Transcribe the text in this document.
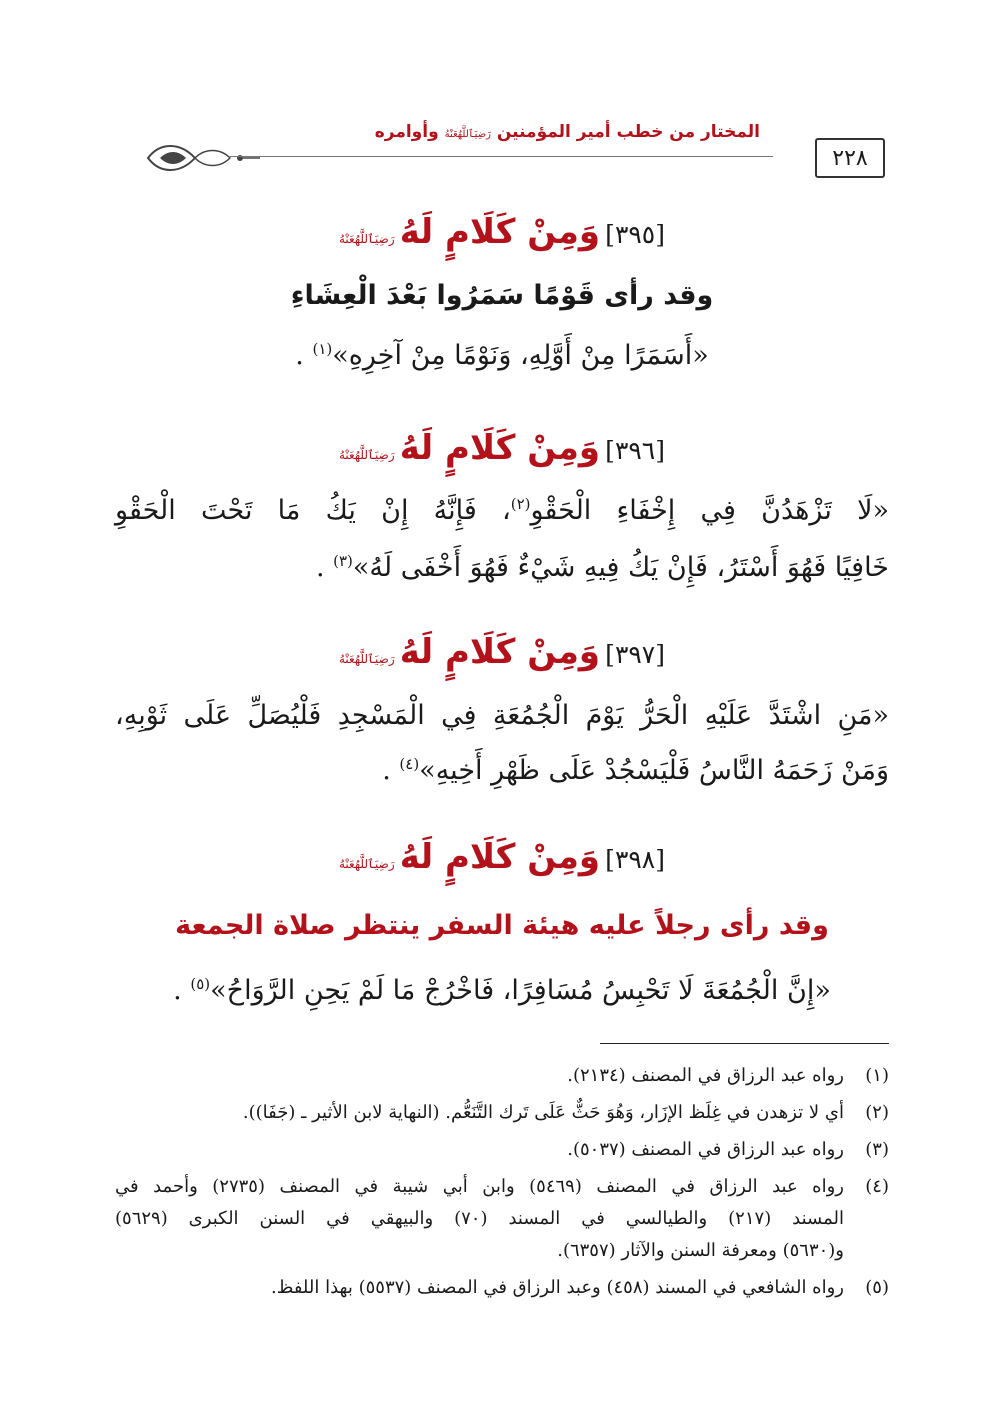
المختار من خطب أمير المؤمنين رَضِيَٱللَّهُعَنْهُ وأوامره
٢٢٨
[٣٩٥] وَمِنْ كَلَامٍ لَهُ رَضِيَٱللَّهُعَنْهُ
وقد رأى قَوْمًا سَمَرُوا بَعْدَ الْعِشَاءِ
«أَسَمَرًا مِنْ أَوَّلِهِ، وَنَوْمًا مِنْ آخِرِهِ»$^{(١)}$ .
[٣٩٦] وَمِنْ كَلَامٍ لَهُ رَضِيَٱللَّهُعَنْهُ
«لَا تَزْهَدُنَّ فِي إِخْفَاءِ الْحَقْوِ$^{(٢)}$، فَإِنَّهُ إِنْ يَكُ مَا تَحْتَ الْحَقْوِ
خَافِيًا فَهُوَ أَسْتَرُ، فَإِنْ يَكُ فِيهِ شَيْءٌ فَهُوَ أَخْفَى لَهُ»$^{(٣)}$ .
[٣٩٧] وَمِنْ كَلَامٍ لَهُ رَضِيَٱللَّهُعَنْهُ
«مَنِ اشْتَدَّ عَلَيْهِ الْحَرُّ يَوْمَ الْجُمُعَةِ فِي الْمَسْجِدِ فَلْيُصَلِّ عَلَى ثَوْبِهِ،
وَمَنْ زَحَمَهُ النَّاسُ فَلْيَسْجُدْ عَلَى ظَهْرِ أَخِيهِ»$^{(٤)}$ .
[٣٩٨] وَمِنْ كَلَامٍ لَهُ رَضِيَٱللَّهُعَنْهُ
وقد رأى رجلاً عليه هيئة السفر ينتظر صلاة الجمعة
«إِنَّ الْجُمُعَةَ لَا تَحْبِسُ مُسَافِرًا، فَاخْرُجْ مَا لَمْ يَحِنِ الرَّوَاحُ»$^{(٥)}$ .
(١)
رواه عبد الرزاق في المصنف (٢١٣٤).
(٢)
أي لا تزهدن في غِلَظ الإزَار، وَهُوَ حَثٌّ عَلَى تَرك التَّنَعُّم. (النهاية لابن الأثير ـ (جَفَا)).
(٣)
رواه عبد الرزاق في المصنف (٥٠٣٧).
(٤)
رواه عبد الرزاق في المصنف (٥٤٦٩) وابن أبي شيبة في المصنف (٢٧٣٥) وأحمد في
المسند (٢١٧) والطيالسي في المسند (٧٠) والبيهقي في السنن الكبرى (٥٦٢٩)
و(٥٦٣٠) ومعرفة السنن والآثار (٦٣٥٧).
(٥)
رواه الشافعي في المسند (٤٥٨) وعبد الرزاق في المصنف (٥٥٣٧) بهذا اللفظ.
